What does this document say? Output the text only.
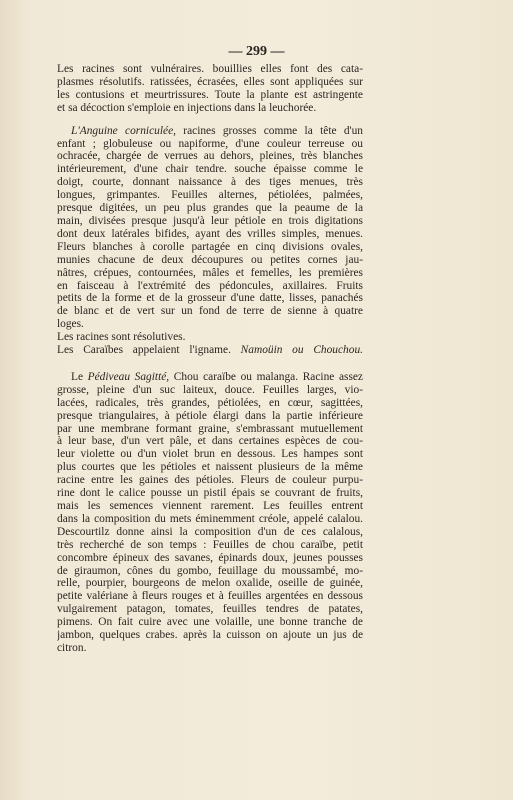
— 299 —
Les racines sont vulnéraires. bouillies elles font des cata-
plasmes résolutifs. ratissées, écrasées, elles sont appliquées sur
les contusions et meurtrissures. Toute la plante est astringente
et sa décoction s'emploie en injections dans la leuchorée.
L'Anguine corniculée, racines grosses comme la tête d'un
enfant ; globuleuse ou napiforme, d'une couleur terreuse ou
ochracée, chargée de verrues au dehors, pleines, très blanches
intérieurement, d'une chair tendre. souche épaisse comme le
doigt, courte, donnant naissance à des tiges menues, très
longues, grimpantes. Feuilles alternes, pétiolées, palmées,
presque digitées, un peu plus grandes que la peaume de la
main, divisées presque jusqu'à leur pétiole en trois digitations
dont deux latérales bifides, ayant des vrilles simples, menues.
Fleurs blanches à corolle partagée en cinq divisions ovales,
munies chacune de deux découpures ou petites cornes jau-
nâtres, crépues, contournées, mâles et femelles, les premières
en faisceau à l'extrémité des pédoncules, axillaires. Fruits
petits de la forme et de la grosseur d'une datte, lisses, panachés
de blanc et de vert sur un fond de terre de sienne à quatre
loges.
Les racines sont résolutives.
Les Caraïbes appelaient l'igname. Namoüin ou Chouchou.
Le Pédiveau Sagitté, Chou caraïbe ou malanga. Racine assez
grosse, pleine d'un suc laiteux, douce. Feuilles larges, vio-
lacées, radicales, très grandes, pétiolées, en cœur, sagittées,
presque triangulaires, à pétiole élargi dans la partie inférieure
par une membrane formant graine, s'embrassant mutuellement
à leur base, d'un vert pâle, et dans certaines espèces de cou-
leur violette ou d'un violet brun en dessous. Les hampes sont
plus courtes que les pétioles et naissent plusieurs de la même
racine entre les gaines des pétioles. Fleurs de couleur purpu-
rine dont le calice pousse un pistil épais se couvrant de fruits,
mais les semences viennent rarement. Les feuilles entrent
dans la composition du mets éminemment créole, appelé calalou.
Descourtilz donne ainsi la composition d'un de ces calalous,
très recherché de son temps : Feuilles de chou caraïbe, petit
concombre épineux des savanes, épinards doux, jeunes pousses
de giraumon, cônes du gombo, feuillage du moussambé, mo-
relle, pourpier, bourgeons de melon oxalide, oseille de guinée,
petite valériane à fleurs rouges et à feuilles argentées en dessous
vulgairement patagon, tomates, feuilles tendres de patates,
pimens. On fait cuire avec une volaille, une bonne tranche de
jambon, quelques crabes. après la cuisson on ajoute un jus de
citron.
